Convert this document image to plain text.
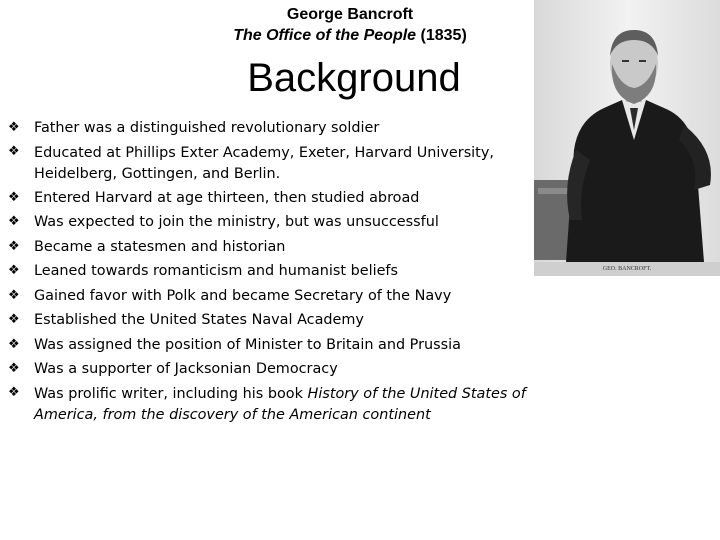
George Bancroft
The Office of the People (1835)
Background
GEO. BANCROFT.
❖ Father was a distinguished revolutionary soldier
❖ Educated at Phillips Exter Academy, Exeter, Harvard University, Heidelberg, Gottingen, and Berlin.
❖ Entered Harvard at age thirteen, then studied abroad
❖ Was expected to join the ministry, but was unsuccessful
❖ Became a statesmen and historian
❖ Leaned towards romanticism and humanist beliefs
❖ Gained favor with Polk and became Secretary of the Navy
❖ Established the United States Naval Academy
❖ Was assigned the position of Minister to Britain and Prussia
❖ Was a supporter of Jacksonian Democracy
❖ Was prolific writer, including his book History of the United States of America, from the discovery of the American continent
